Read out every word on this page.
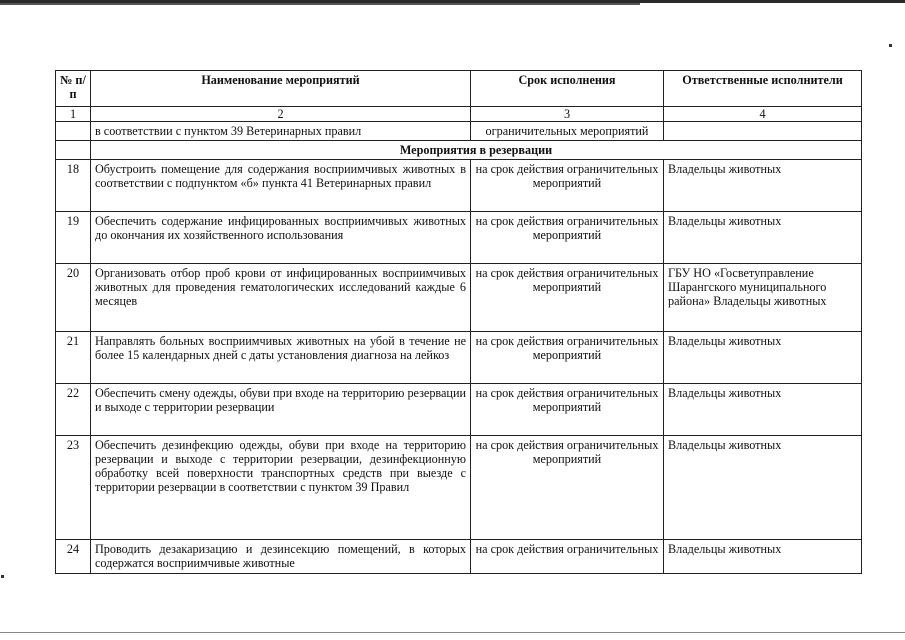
№ п/п	Наименование мероприятий	Срок исполнения	Ответственные исполнители
1	2	3	4
	в соответствии с пунктом 39 Ветеринарных правил	ограничительных мероприятий	
	Мероприятия в резервации		
18	Обустроить помещение для содержания восприимчивых животных в соответствии с подпунктом «б» пункта 41 Ветеринарных правил	на срок действия ограничительных мероприятий	Владельцы животных
19	Обеспечить содержание инфицированных восприимчивых животных до окончания их хозяйственного использования	на срок действия ограничительных мероприятий	Владельцы животных
20	Организовать отбор проб крови от инфицированных восприимчивых животных для проведения гематологических исследований каждые 6 месяцев	на срок действия ограничительных мероприятий	ГБУ НО «Госветуправление Шарангского муниципального района» Владельцы животных
21	Направлять больных восприимчивых животных на убой в течение не более 15 календарных дней с даты установления диагноза на лейкоз	на срок действия ограничительных мероприятий	Владельцы животных
22	Обеспечить смену одежды, обуви при входе на территорию резервации и выходе с территории резервации	на срок действия ограничительных мероприятий	Владельцы животных
23	Обеспечить дезинфекцию одежды, обуви при входе на территорию резервации и выходе с территории резервации, дезинфекционную обработку всей поверхности транспортных средств при выезде с территории резервации в соответствии с пунктом 39 Правил	на срок действия ограничительных мероприятий	Владельцы животных
24	Проводить дезакаризацию и дезинсекцию помещений, в которых содержатся восприимчивые животные	на срок действия ограничительных	Владельцы животных
